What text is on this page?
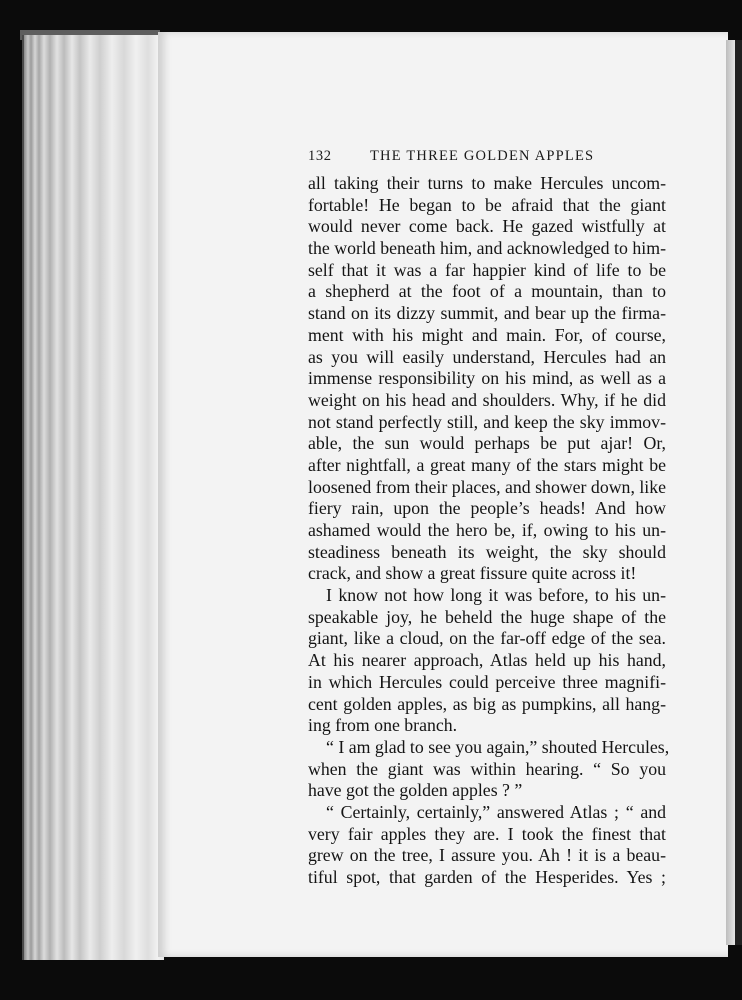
132	THE THREE GOLDEN APPLES
all taking their turns to make Hercules uncom-
fortable! He began to be afraid that the giant
would never come back. He gazed wistfully at
the world beneath him, and acknowledged to him-
self that it was a far happier kind of life to be
a shepherd at the foot of a mountain, than to
stand on its dizzy summit, and bear up the firma-
ment with his might and main. For, of course,
as you will easily understand, Hercules had an
immense responsibility on his mind, as well as a
weight on his head and shoulders. Why, if he did
not stand perfectly still, and keep the sky immov-
able, the sun would perhaps be put ajar! Or,
after nightfall, a great many of the stars might be
loosened from their places, and shower down, like
fiery rain, upon the people’s heads! And how
ashamed would the hero be, if, owing to his un-
steadiness beneath its weight, the sky should
crack, and show a great fissure quite across it!
I know not how long it was before, to his un-
speakable joy, he beheld the huge shape of the
giant, like a cloud, on the far-off edge of the sea.
At his nearer approach, Atlas held up his hand,
in which Hercules could perceive three magnifi-
cent golden apples, as big as pumpkins, all hang-
ing from one branch.
“ I am glad to see you again,” shouted Hercules,
when the giant was within hearing. “ So you
have got the golden apples ? ”
“ Certainly, certainly,” answered Atlas ; “ and
very fair apples they are. I took the finest that
grew on the tree, I assure you. Ah ! it is a beau-
tiful spot, that garden of the Hesperides. Yes ;
